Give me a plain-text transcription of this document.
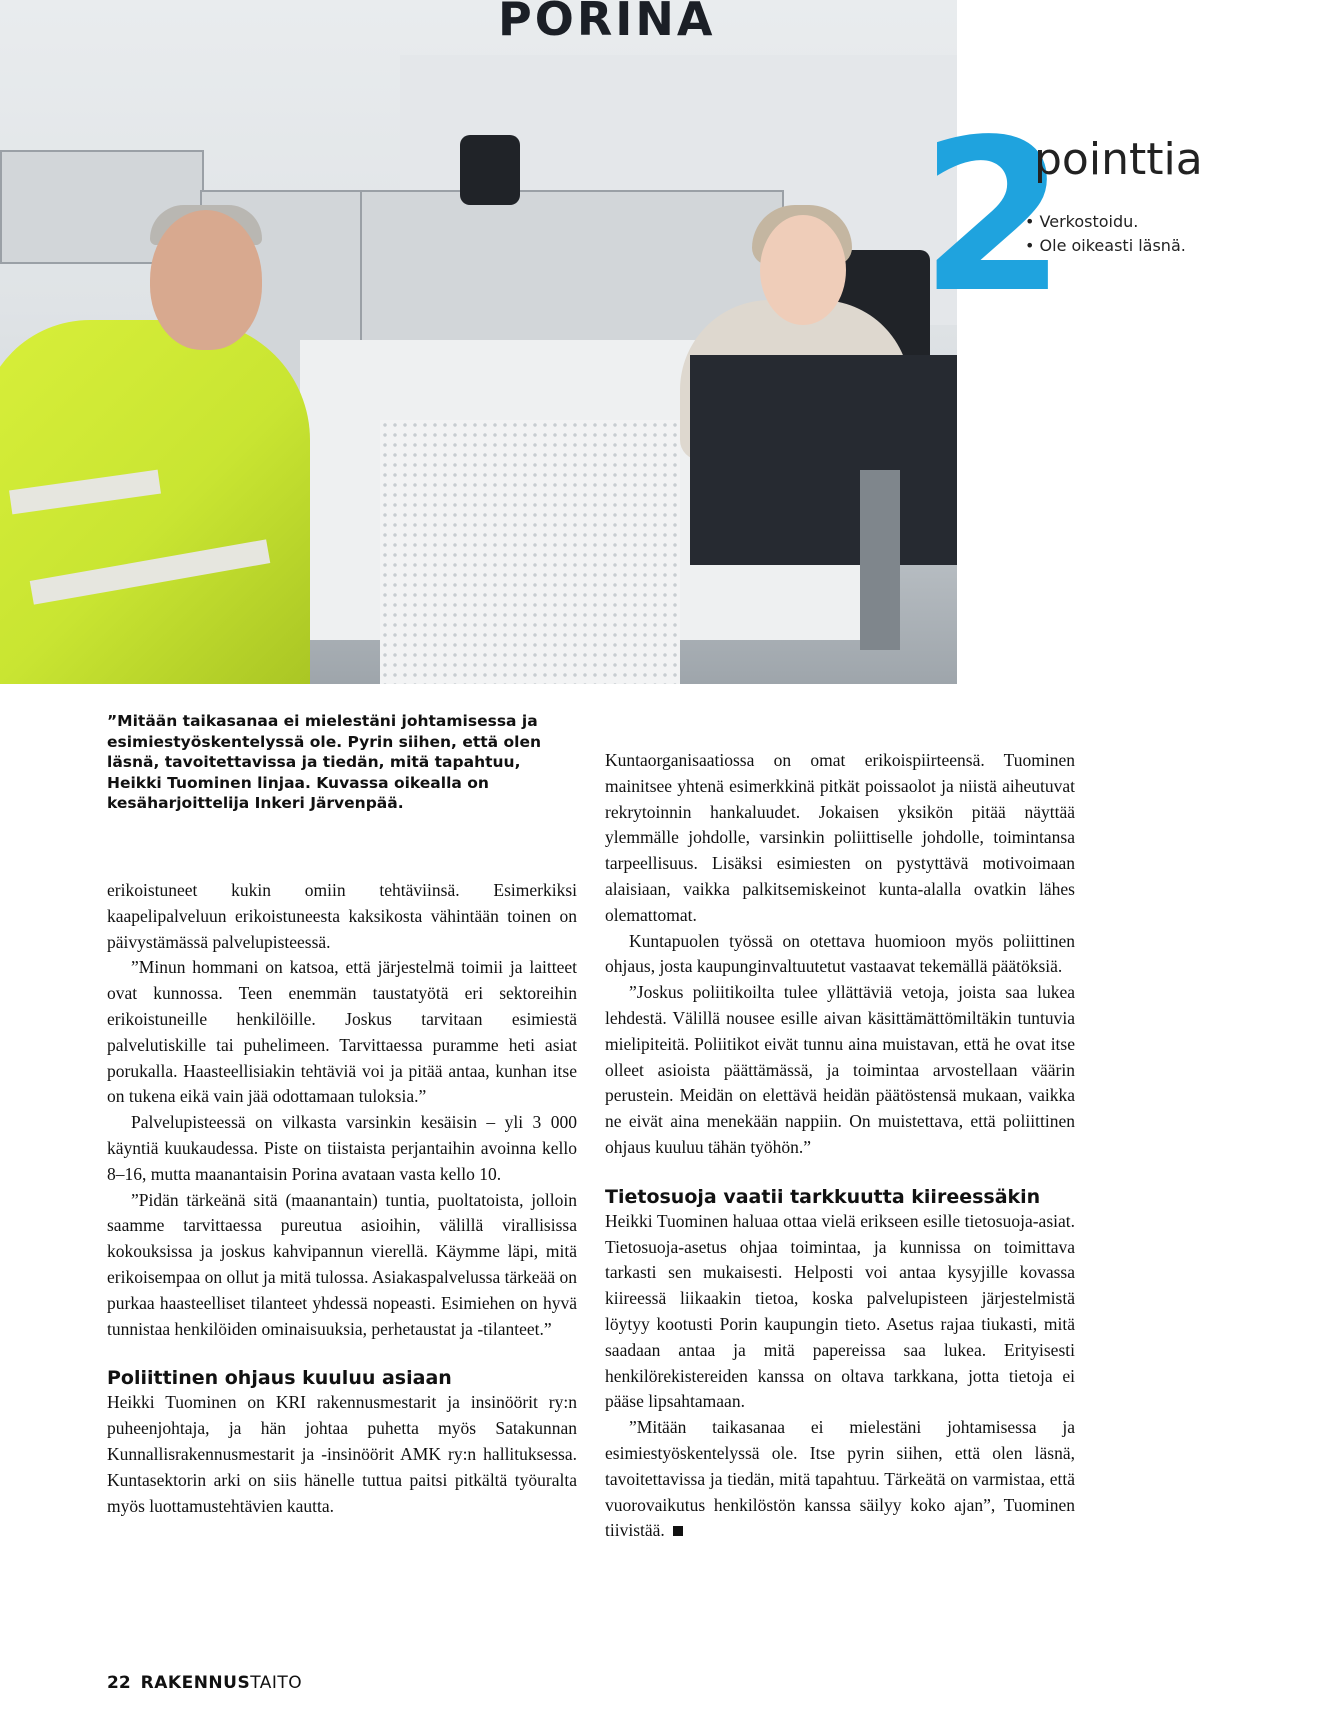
PORINA
2
pointtia
• Verkostoidu.
• Ole oikeasti läsnä.
”Mitään taikasanaa ei mielestäni johtamisessa ja esimiestyöskentelyssä ole. Pyrin siihen, että olen läsnä, tavoitettavissa ja tiedän, mitä tapahtuu, Heikki Tuominen linjaa. Kuvassa oikealla on kesäharjoittelija Inkeri Järvenpää.

erikoistuneet kukin omiin tehtäviinsä. Esimerkiksi kaapelipalveluun erikoistuneesta kaksikosta vähintään toinen on päivystämässä palvelupisteessä.

”Minun hommani on katsoa, että järjestelmä toimii ja laitteet ovat kunnossa. Teen enemmän taustatyötä eri sektoreihin erikoistuneille henkilöille. Joskus tarvitaan esimiestä palvelutiskille tai puhelimeen. Tarvittaessa puramme heti asiat porukalla. Haasteellisiakin tehtäviä voi ja pitää antaa, kunhan itse on tukena eikä vain jää odottamaan tuloksia.”

Palvelupisteessä on vilkasta varsinkin kesäisin – yli 3 000 käyntiä kuukaudessa. Piste on tiistaista perjantaihin avoinna kello 8–16, mutta maanantaisin Porina avataan vasta kello 10.

”Pidän tärkeänä sitä (maanantain) tuntia, puoltatoista, jolloin saamme tarvittaessa pureutua asioihin, välillä virallisissa kokouksissa ja joskus kahvipannun vierellä. Käymme läpi, mitä erikoisempaa on ollut ja mitä tulossa. Asiakaspalvelussa tärkeää on purkaa haasteelliset tilanteet yhdessä nopeasti. Esimiehen on hyvä tunnistaa henkilöiden ominaisuuksia, perhetaustat ja -tilanteet.”

Poliittinen ohjaus kuuluu asiaan

Heikki Tuominen on KRI rakennusmestarit ja insinöörit ry:n puheenjohtaja, ja hän johtaa puhetta myös Satakunnan Kunnallisrakennusmestarit ja -insinöörit AMK ry:n hallituksessa. Kuntasektorin arki on siis hänelle tuttua paitsi pitkältä työuralta myös luottamustehtävien kautta.

Kuntaorganisaatiossa on omat erikoispiirteensä. Tuominen mainitsee yhtenä esimerkkinä pitkät poissaolot ja niistä aiheutuvat rekrytoinnin hankaluudet. Jokaisen yksikön pitää näyttää ylemmälle johdolle, varsinkin poliittiselle johdolle, toimintansa tarpeellisuus. Lisäksi esimiesten on pystyttävä motivoimaan alaisiaan, vaikka palkitsemiskeinot kunta-alalla ovatkin lähes olemattomat.

Kuntapuolen työssä on otettava huomioon myös poliittinen ohjaus, josta kaupunginvaltuutetut vastaavat tekemällä päätöksiä.

”Joskus poliitikoilta tulee yllättäviä vetoja, joista saa lukea lehdestä. Välillä nousee esille aivan käsittämättömiltäkin tuntuvia mielipiteitä. Poliitikot eivät tunnu aina muistavan, että he ovat itse olleet asioista päättämässä, ja toimintaa arvostellaan väärin perustein. Meidän on elettävä heidän päätöstensä mukaan, vaikka ne eivät aina menekään nappiin. On muistettava, että poliittinen ohjaus kuuluu tähän työhön.”

Tietosuoja vaatii tarkkuutta kiireessäkin

Heikki Tuominen haluaa ottaa vielä erikseen esille tietosuoja-asiat. Tietosuoja-asetus ohjaa toimintaa, ja kunnissa on toimittava tarkasti sen mukaisesti. Helposti voi antaa kysyjille kovassa kiireessä liikaakin tietoa, koska palvelupisteen järjestelmistä löytyy kootusti Porin kaupungin tieto. Asetus rajaa tiukasti, mitä saadaan antaa ja mitä papereissa saa lukea. Erityisesti henkilörekistereiden kanssa on oltava tarkkana, jotta tietoja ei pääse lipsahtamaan.

”Mitään taikasanaa ei mielestäni johtamisessa ja esimiestyöskentelyssä ole. Itse pyrin siihen, että olen läsnä, tavoitettavissa ja tiedän, mitä tapahtuu. Tärkeätä on varmistaa, että vuorovaikutus henkilöstön kanssa säilyy koko ajan”, Tuominen tiivistää.

22 RAKENNUSTAITO
